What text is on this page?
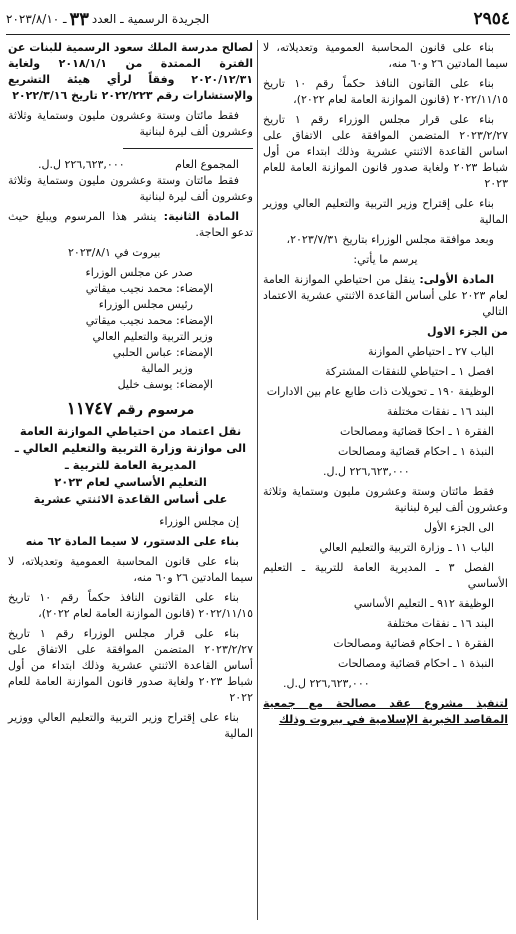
٢٩٥٤
الجريدة الرسمية ـ العدد
٣٣
ـ ٢٠٢٣/٨/١٠

بناء على قانون المحاسبة العمومية وتعديلاته، لا سيما المادتين ٢٦ و٦٠ منه،

بناء على القانون النافذ حكماً رقم ١٠ تاريخ ٢٠٢٢/١١/١٥ (قانون الموازنة العامة لعام ٢٠٢٢)،

بناء على قرار مجلس الوزراء رقم ١ تاريخ ٢٠٢٣/٢/٢٧ المتضمن الموافقة على الاتفاق على اساس القاعدة الاثنتي عشرية وذلك ابتداء من أول شباط ٢٠٢٣ ولغاية صدور قانون الموازنة العامة للعام ٢٠٢٣

بناء على إقتراح وزير التربية والتعليم العالي ووزير المالية

وبعد موافقة مجلس الوزراء بتاريخ ٢٠٢٣/٧/٣١،

يرسم ما يأتي:

المادة الأولى: ينقل من احتياطي الموازنة العامة لعام ٢٠٢٣ على أساس القاعدة الاثنتي عشرية الاعتماد التالي

من الجزء الاول

الباب ٢٧ ـ احتياطي الموازنة

افصل ١ ـ احتياطي للنفقات المشتركة

الوظيفة ١٩٠ ـ تحويلات ذات طابع عام بين الادارات

البند ١٦ ـ نفقات مختلفة

الفقرة ١ ـ احكا قضائية ومصالحات

النبذة ١ ـ احكام قضائية ومصالحات

٢٢٦,٦٢٣,٠٠٠ ل.ل.

فقط مائتان وستة وعشرون مليون وستماية وثلاثة وعشرون ألف ليرة لبنانية

الى الجزء الأول

الباب ١١ ـ وزارة التربية والتعليم العالي

الفصل ٣ ـ المديرية العامة للتربية ـ التعليم الأساسي

الوظيفة ٩١٢ ـ التعليم الأساسي

البند ١٦ ـ نفقات مختلفة

الفقرة ١ ـ احكام قضائية ومصالحات

النبذة ١ ـ احكام قضائية ومصالحات

٢٢٦,٦٢٣,٠٠٠ ل.ل.

لتنفيذ مشروع عقد مصالحة مع جمعية المقاصد الخيرية الإسلامية في بيروت وذلك

لصالح مدرسة الملك سعود الرسمية للبنات عن الفترة الممتدة من ٢٠١٨/١/١ ولغاية ٢٠٢٠/١٢/٣١ وفقاً لرأي هيئة التشريع والإستشارات رقم ٢٠٢٢/٢٢٣ تاريخ ٢٠٢٢/٣/١٦

فقط مائتان وستة وعشرون مليون وستماية وثلاثة وعشرون ألف ليرة لبنانية

المجموع العام
٢٢٦,٦٢٣,٠٠٠ ل.ل.

فقط مائتان وستة وعشرون مليون وستماية وثلاثة وعشرون ألف ليرة لبنانية

المادة الثانية: ينشر هذا المرسوم ويبلغ حيث تدعو الحاجة.

بيروت في ٢٠٢٣/٨/١

صدر عن مجلس الوزراء

الإمضاء: محمد نجيب ميقاتي

رئيس مجلس الوزراء

الإمضاء: محمد نجيب ميقاتي

وزير التربية والتعليم العالي

الإمضاء: عباس الحلبي

وزير المالية

الإمضاء: يوسف خليل

مرسوم رقم ١١٧٤٧
نقل اعتماد من احتياطي الموازنة العامة
الى موازنة وزارة التربية والتعليم العالي ـ
المديرية العامة للتربية ـ
التعليم الأساسي لعام ٢٠٢٣
على أساس القاعدة الاثنتي عشرية

إن مجلس الوزراء

بناء على الدستور، لا سيما المادة ٦٢ منه

بناء على قانون المحاسبة العمومية وتعديلاته، لا سيما المادتين ٢٦ و٦٠ منه،

بناء على القانون النافذ حكماً رقم ١٠ تاريخ ٢٠٢٢/١١/١٥ (قانون الموازنة العامة لعام ٢٠٢٢)،

بناء على قرار مجلس الوزراء رقم ١ تاريخ ٢٠٢٣/٢/٢٧ المتضمن الموافقة على الاتفاق على أساس القاعدة الاثنتي عشرية وذلك ابتداء من أول شباط ٢٠٢٣ ولغاية صدور قانون الموازنة العامة للعام ٢٠٢٢

بناء على إقتراح وزير التربية والتعليم العالي ووزير المالية
